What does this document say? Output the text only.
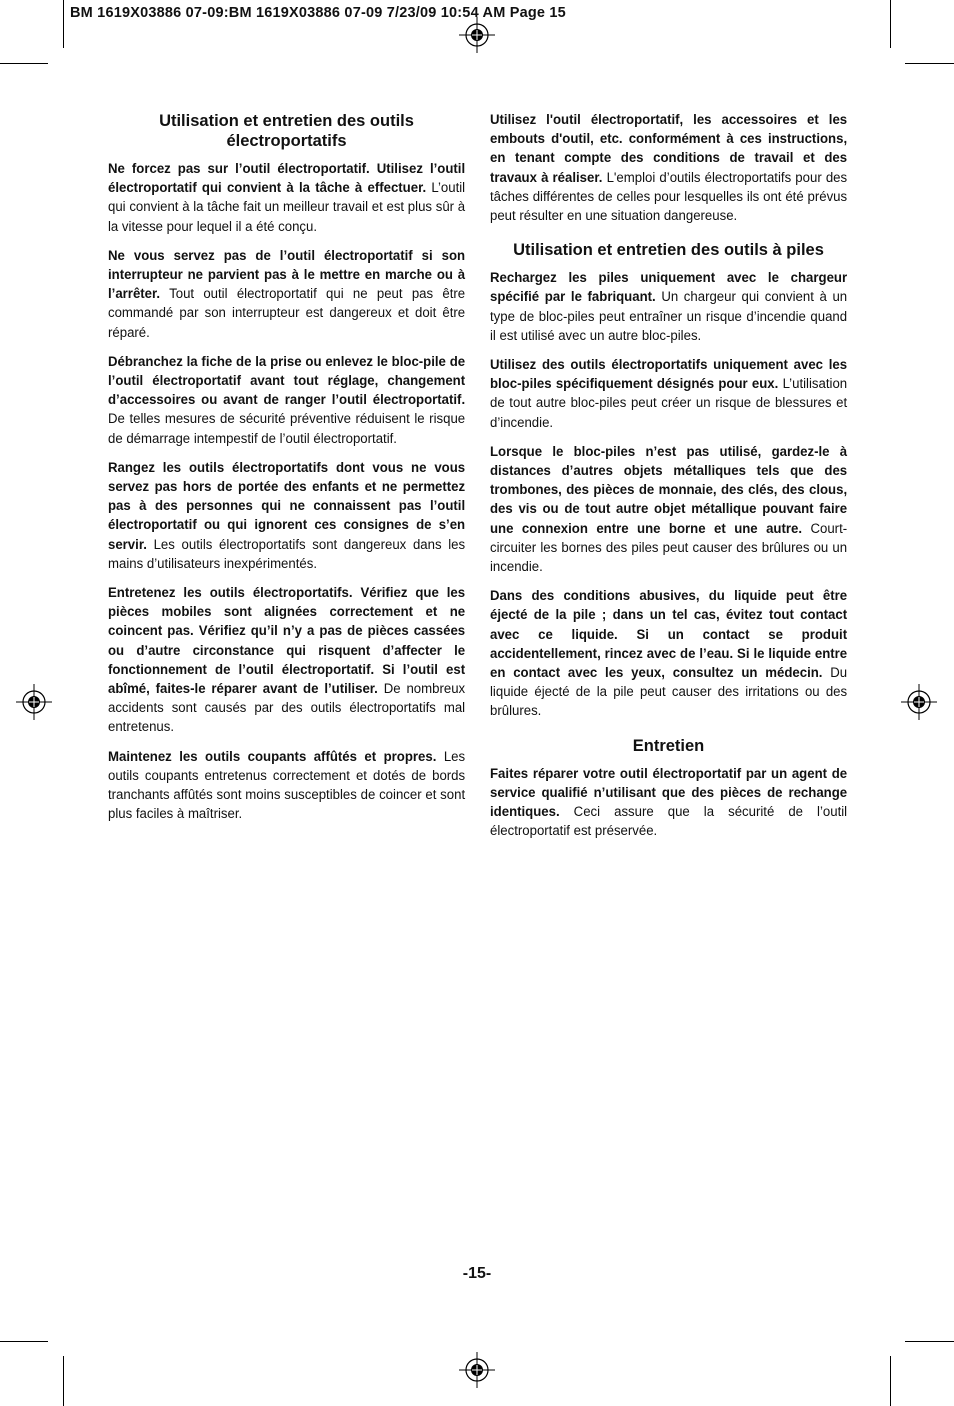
BM 1619X03886 07-09:BM 1619X03886 07-09 7/23/09 10:54 AM Page 15
Utilisation et entretien des outils électroportatifs

Ne forcez pas sur l’outil électroportatif. Utilisez l’outil électroportatif qui convient à la tâche à effectuer. L’outil qui convient à la tâche fait un meilleur travail et est plus sûr à la vitesse pour lequel il a été conçu.

Ne vous servez pas de l’outil électroportatif si son interrupteur ne parvient pas à le mettre en marche ou à l’arrêter. Tout outil électroportatif qui ne peut pas être commandé par son interrupteur est dangereux et doit être réparé.

Débranchez la fiche de la prise ou enlevez le bloc-pile de l’outil électroportatif avant tout réglage, changement d’accessoires ou avant de ranger l’outil électroportatif. De telles mesures de sécurité préventive réduisent le risque de démarrage intempestif de l’outil électroportatif.

Rangez les outils électroportatifs dont vous ne vous servez pas hors de portée des enfants et ne permettez pas à des personnes qui ne connaissent pas l’outil électroportatif ou qui ignorent ces consignes de s’en servir. Les outils électroportatifs sont dangereux dans les mains d’utilisateurs inexpérimentés.

Entretenez les outils électroportatifs. Vérifiez que les pièces mobiles sont alignées correctement et ne coincent pas. Vérifiez qu’il n’y a pas de pièces cassées ou d’autre circonstance qui risquent d’affecter le fonctionnement de l’outil électroportatif. Si l’outil est abîmé, faites-le réparer avant de l’utiliser. De nombreux accidents sont causés par des outils électroportatifs mal entretenus.

Maintenez les outils coupants affûtés et propres. Les outils coupants entretenus correctement et dotés de bords tranchants affûtés sont moins susceptibles de coincer et sont plus faciles à maîtriser.

Utilisez l'outil électroportatif, les accessoires et les embouts d'outil, etc. conformément à ces instructions, en tenant compte des conditions de travail et des travaux à réaliser. L'emploi d’outils électroportatifs pour des tâches différentes de celles pour lesquelles ils ont été prévus peut résulter en une situation dangereuse.

Utilisation et entretien des outils à piles

Rechargez les piles uniquement avec le chargeur spécifié par le fabriquant. Un chargeur qui convient à un type de bloc-piles peut entraîner un risque d’incendie quand il est utilisé avec un autre bloc-piles.

Utilisez des outils électroportatifs uniquement avec les bloc-piles spécifiquement désignés pour eux. L’utilisation de tout autre bloc-piles peut créer un risque de blessures et d’incendie.

Lorsque le bloc-piles n’est pas utilisé, gardez-le à distances d’autres objets métalliques tels que des trombones, des pièces de monnaie, des clés, des clous, des vis ou de tout autre objet métallique pouvant faire une connexion entre une borne et une autre. Court-circuiter les bornes des piles peut causer des brûlures ou un incendie.

Dans des conditions abusives, du liquide peut être éjecté de la pile ; dans un tel cas, évitez tout contact avec ce liquide. Si un contact se produit accidentellement, rincez avec de l’eau. Si le liquide entre en contact avec les yeux, consultez un médecin. Du liquide éjecté de la pile peut causer des irritations ou des brûlures.

Entretien

Faites réparer votre outil électroportatif par un agent de service qualifié n’utilisant que des pièces de rechange identiques. Ceci assure que la sécurité de l’outil électroportatif est préservée.

-15-
